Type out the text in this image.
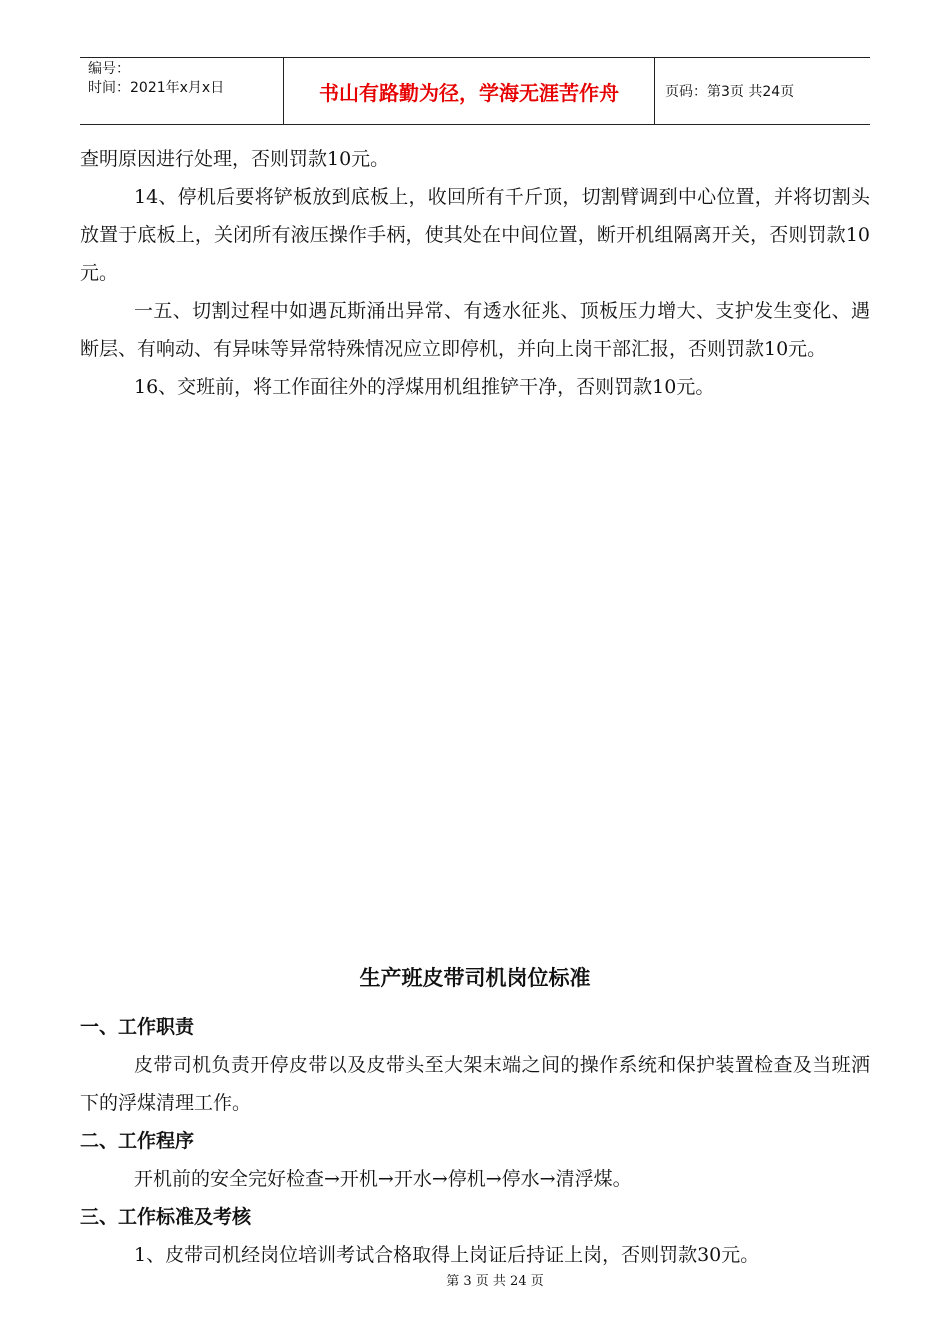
编号：
时间：2021年x月x日	书山有路勤为径，学海无涯苦作舟	页码：第3页 共24页

查明原因进行处理，否则罚款10元。

14、停机后要将铲板放到底板上，收回所有千斤顶，切割臂调到中心位置，并将切割头放置于底板上，关闭所有液压操作手柄，使其处在中间位置，断开机组隔离开关，否则罚款10元。

一五、切割过程中如遇瓦斯涌出异常、有透水征兆、顶板压力增大、支护发生变化、遇断层、有响动、有异味等异常特殊情况应立即停机，并向上岗干部汇报，否则罚款10元。

16、交班前，将工作面往外的浮煤用机组推铲干净，否则罚款10元。

生产班皮带司机岗位标准

一、工作职责

皮带司机负责开停皮带以及皮带头至大架末端之间的操作系统和保护装置检查及当班洒下的浮煤清理工作。

二、工作程序

开机前的安全完好检查→开机→开水→停机→停水→清浮煤。

三、工作标准及考核

1、皮带司机经岗位培训考试合格取得上岗证后持证上岗，否则罚款30元。

第 3 页 共 24 页
